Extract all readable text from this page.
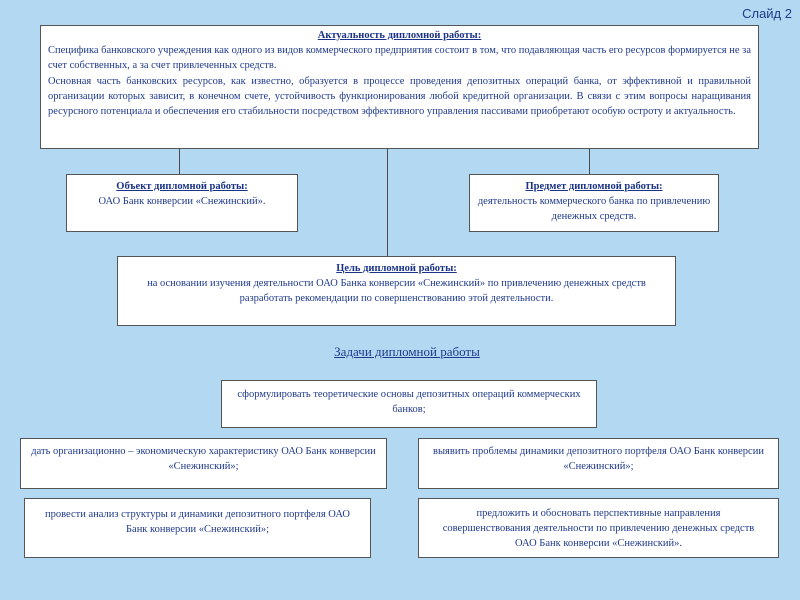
Слайд 2
Актуальность дипломной работы:
Специфика банковского учреждения как одного из видов коммерческого предприятия состоит в том, что подавляющая часть его ресурсов формируется не за счет собственных, а за счет привлеченных средств.
Основная часть банковских ресурсов, как известно, образуется в процессе проведения депозитных операций банка, от эффективной и правильной организации которых зависит, в конечном счете, устойчивость функционирования любой кредитной организации. В связи с этим вопросы наращивания ресурсного потенциала и обеспечения его стабильности посредством эффективного управления пассивами приобретают особую остроту и актуальность.
Объект дипломной работы:
ОАО Банк конверсии «Снежинский».
Предмет дипломной работы:
деятельность коммерческого банка по привлечению денежных средств.
Цель дипломной работы:
на основании изучения деятельности ОАО Банка конверсии «Снежинский» по привлечению денежных средств разработать рекомендации по совершенствованию этой деятельности.
Задачи дипломной работы
сформулировать теоретические основы депозитных операций коммерческих банков;
дать организационно – экономическую характеристику ОАО Банк конверсии «Снежинский»;
выявить проблемы динамики депозитного портфеля ОАО Банк конверсии «Снежинский»;
провести анализ структуры и динамики депозитного портфеля ОАО Банк конверсии «Снежинский»;
предложить и обосновать перспективные направления совершенствования деятельности по привлечению денежных средств ОАО Банк конверсии «Снежинский».
